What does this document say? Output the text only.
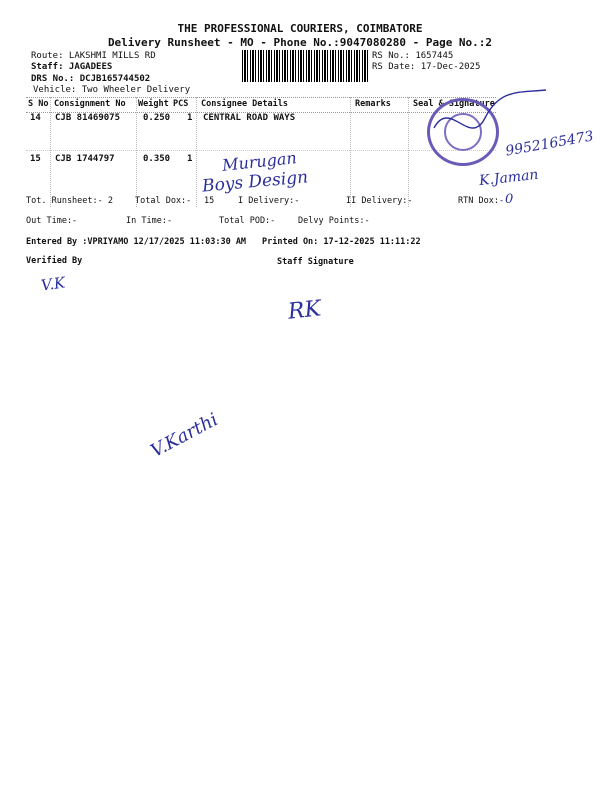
THE PROFESSIONAL COURIERS, COIMBATORE
Delivery Runsheet - MO - Phone No.:9047080280 - Page No.:2
Route: LAKSHMI MILLS RD
Staff: JAGADEES
DRS No.: DCJB165744502
Vehicle: Two Wheeler Delivery
RS No.: 1657445
RS Date: 17-Dec-2025
S No Consignment No Weight PCS Consignee Details	Remarks	Seal & Signature
14 CJB 81469075	0.250 1 CENTRAL ROAD WAYS
15 CJB 1744797	0.350 1 Murugan
Boys Design
9952165473
K.Jaman
Tot. Runsheet:- 2	Total Dox:- 15	I Delivery:-	II Delivery:-	RTN Dox:- 0
Out Time:-	In Time:-	Total POD:-	Delvy Points:-
Entered By :VPRIYAMO 12/17/2025 11:03:30 AM Printed On: 17-12-2025 11:11:22
Verified By	Staff Signature
V.K
RK
V.Karthi
